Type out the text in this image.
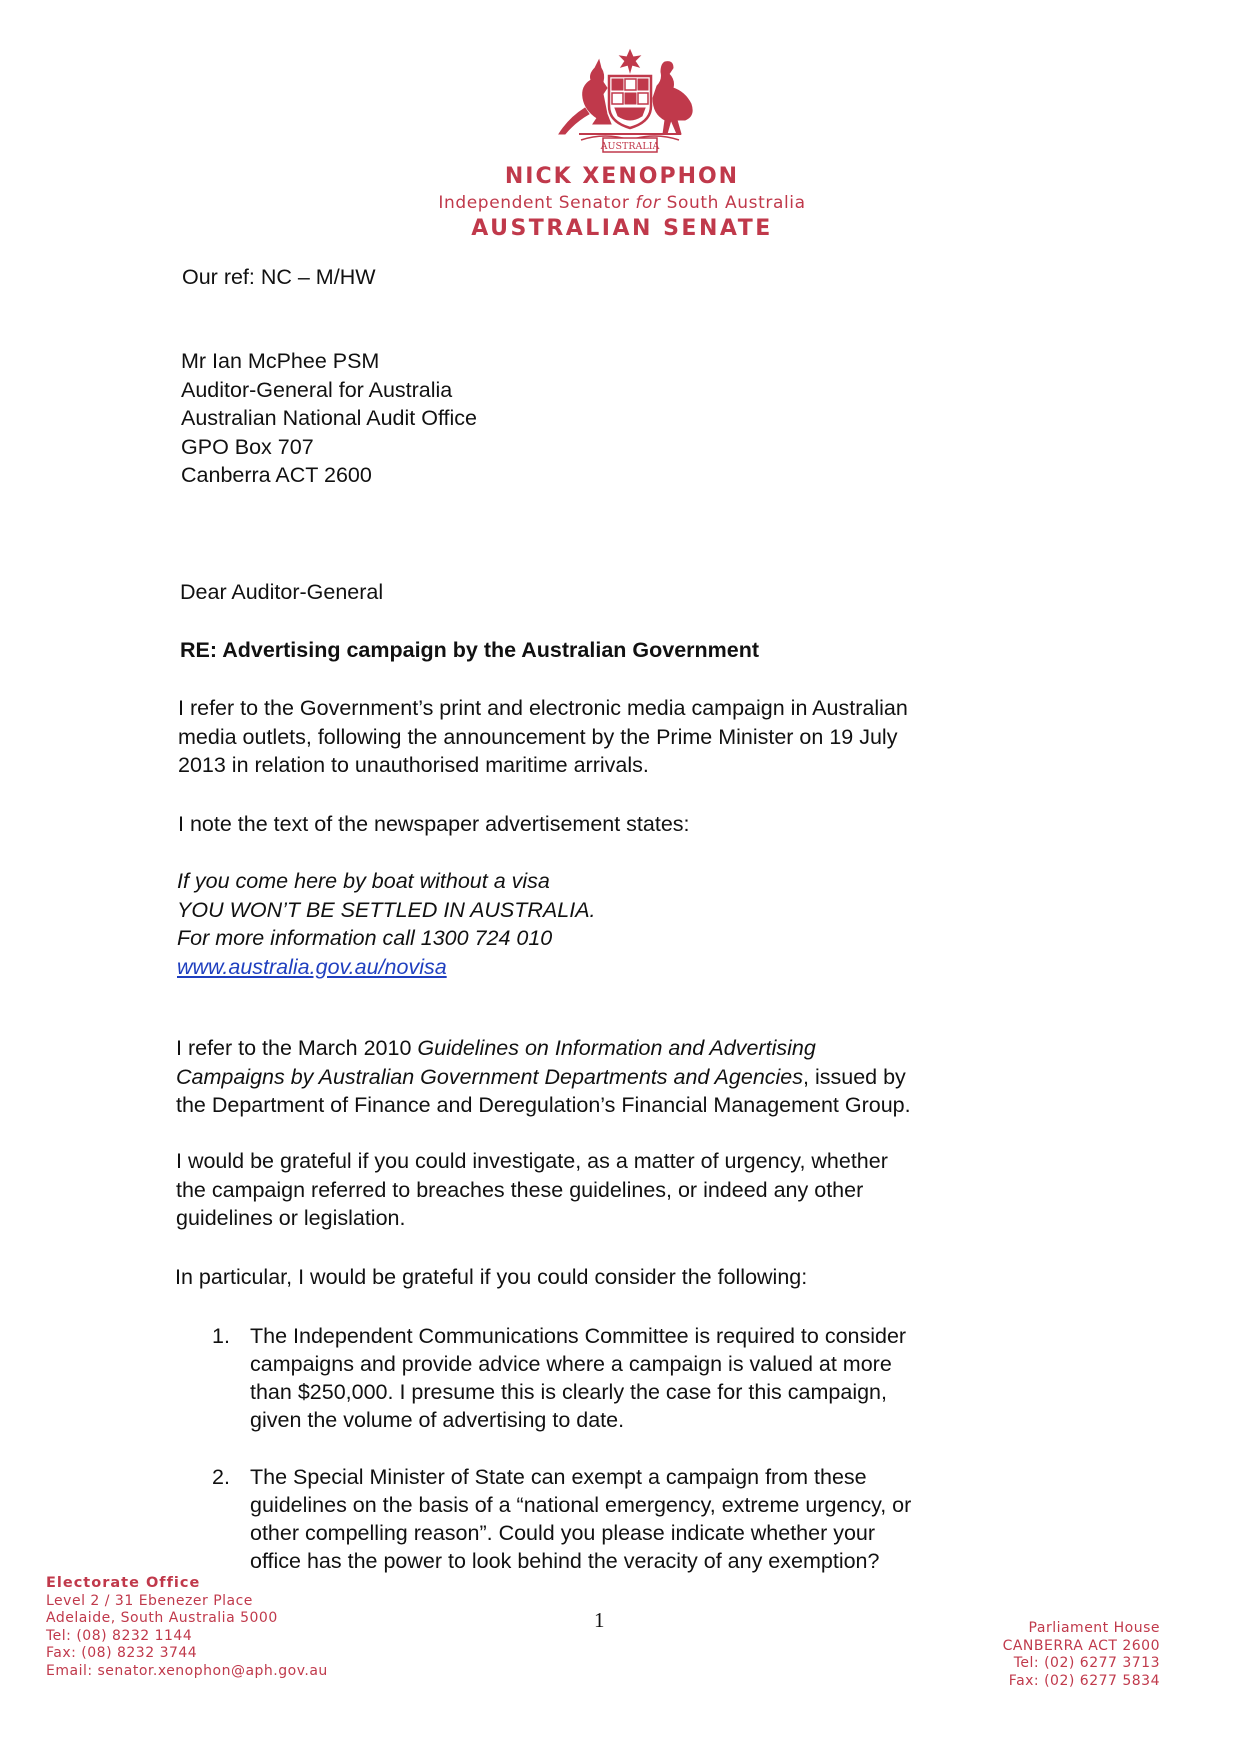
AUSTRALIA
NICK XENOPHON
Independent Senator for South Australia
AUSTRALIAN SENATE
Our ref: NC – M/HW
Mr Ian McPhee PSM
Auditor-General for Australia
Australian National Audit Office
GPO Box 707
Canberra ACT 2600
Dear Auditor-General
RE: Advertising campaign by the Australian Government
I refer to the Government’s print and electronic media campaign in Australian
media outlets, following the announcement by the Prime Minister on 19 July
2013 in relation to unauthorised maritime arrivals.
I note the text of the newspaper advertisement states:
If you come here by boat without a visa
YOU WON’T BE SETTLED IN AUSTRALIA.
For more information call 1300 724 010
www.australia.gov.au/novisa
I refer to the March 2010 Guidelines on Information and Advertising
Campaigns by Australian Government Departments and Agencies, issued by
the Department of Finance and Deregulation’s Financial Management Group.
I would be grateful if you could investigate, as a matter of urgency, whether
the campaign referred to breaches these guidelines, or indeed any other
guidelines or legislation.
In particular, I would be grateful if you could consider the following:
1. The Independent Communications Committee is required to consider
campaigns and provide advice where a campaign is valued at more
than $250,000. I presume this is clearly the case for this campaign,
given the volume of advertising to date.
2. The Special Minister of State can exempt a campaign from these
guidelines on the basis of a “national emergency, extreme urgency, or
other compelling reason”. Could you please indicate whether your
office has the power to look behind the veracity of any exemption?
Electorate Office
Level 2 / 31 Ebenezer Place
Adelaide, South Australia 5000
Tel: (08) 8232 1144
Fax: (08) 8232 3744
Email: senator.xenophon@aph.gov.au
1	Parliament House
CANBERRA ACT 2600
Tel: (02) 6277 3713
Fax: (02) 6277 5834
